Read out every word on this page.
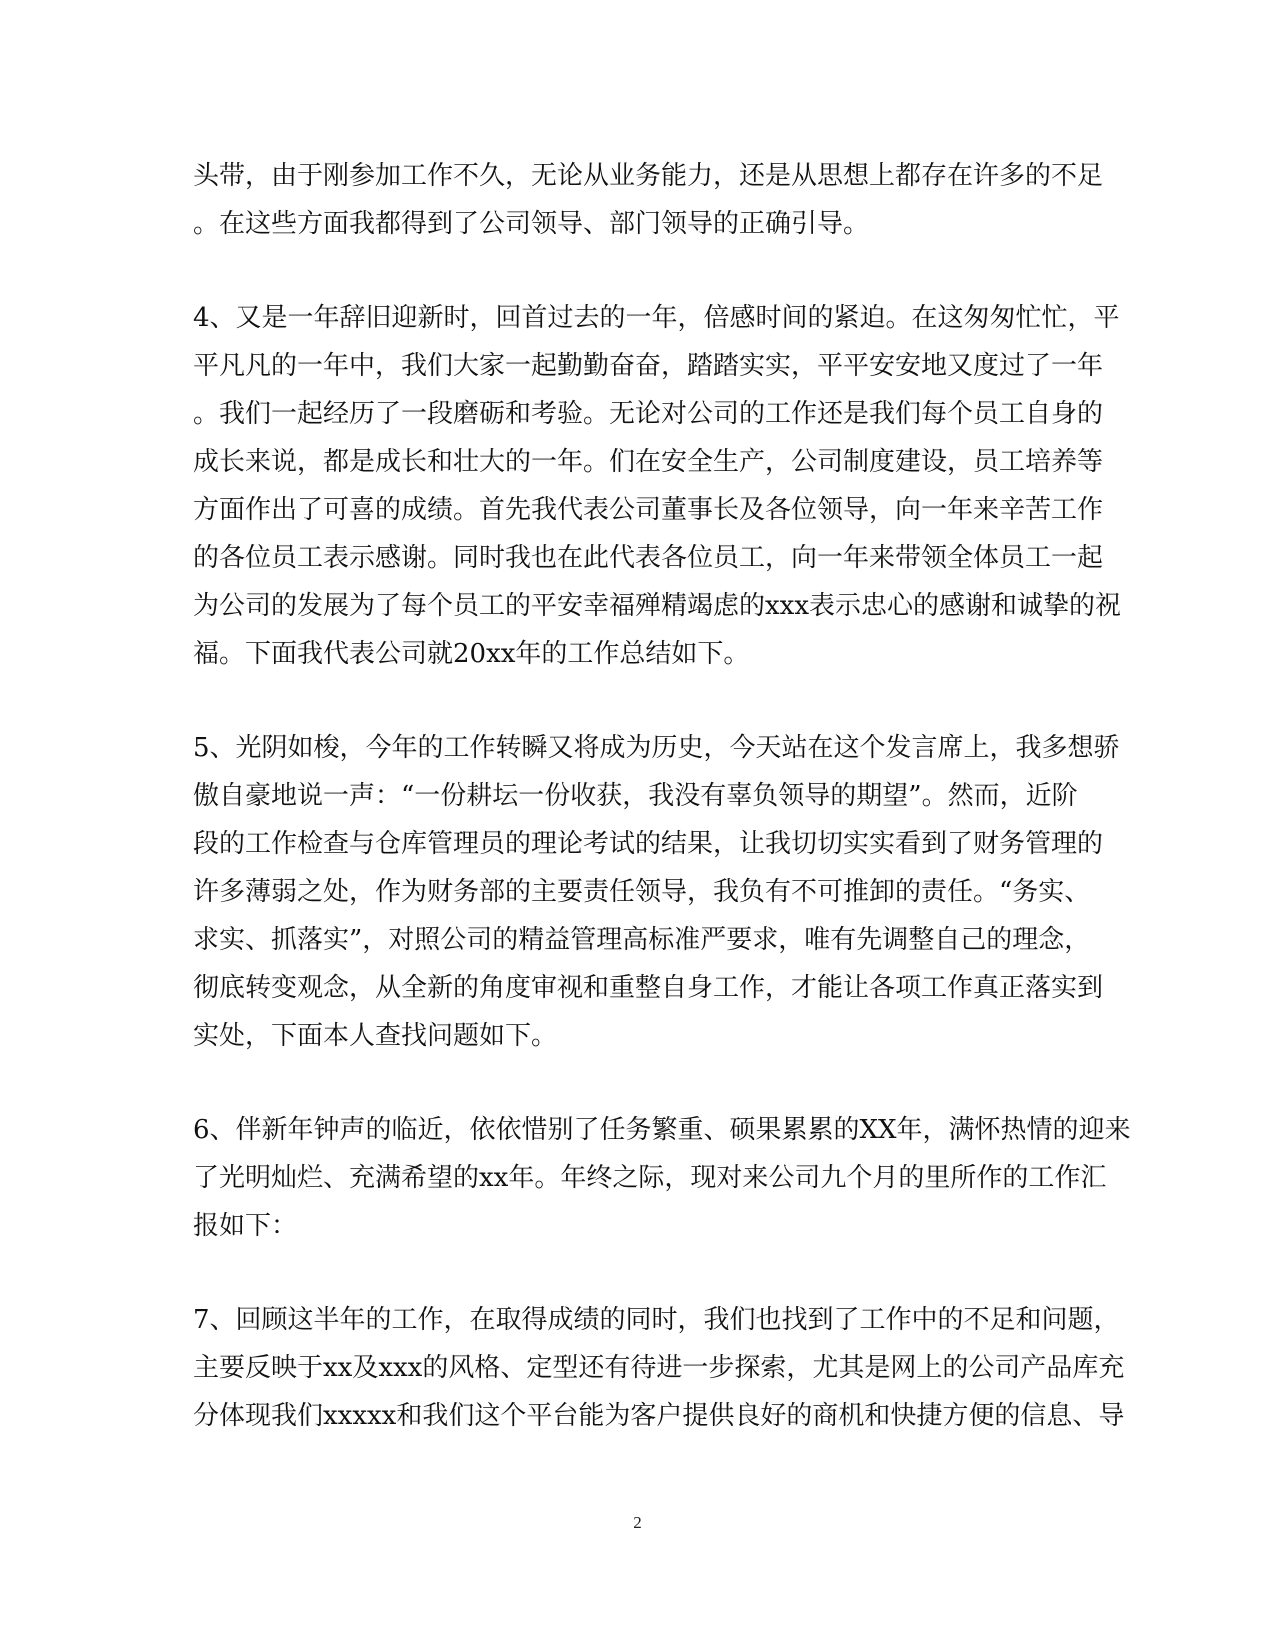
头带，由于刚参加工作不久，无论从业务能力，还是从思想上都存在许多的不足
。在这些方面我都得到了公司领导、部门领导的正确引导。

4、又是一年辞旧迎新时，回首过去的一年，倍感时间的紧迫。在这匆匆忙忙，平
平凡凡的一年中，我们大家一起勤勤奋奋，踏踏实实，平平安安地又度过了一年
。我们一起经历了一段磨砺和考验。无论对公司的工作还是我们每个员工自身的
成长来说，都是成长和壮大的一年。们在安全生产，公司制度建设，员工培养等
方面作出了可喜的成绩。首先我代表公司董事长及各位领导，向一年来辛苦工作
的各位员工表示感谢。同时我也在此代表各位员工，向一年来带领全体员工一起
为公司的发展为了每个员工的平安幸福殚精竭虑的xxx表示忠心的感谢和诚挚的祝
福。下面我代表公司就20xx年的工作总结如下。

5、光阴如梭，今年的工作转瞬又将成为历史，今天站在这个发言席上，我多想骄
傲自豪地说一声：“一份耕坛一份收获，我没有辜负领导的期望”。然而，近阶
段的工作检查与仓库管理员的理论考试的结果，让我切切实实看到了财务管理的
许多薄弱之处，作为财务部的主要责任领导，我负有不可推卸的责任。“务实、
求实、抓落实”，对照公司的精益管理高标准严要求，唯有先调整自己的理念，
彻底转变观念，从全新的角度审视和重整自身工作，才能让各项工作真正落实到
实处，下面本人查找问题如下。

6、伴新年钟声的临近，依依惜别了任务繁重、硕果累累的XX年，满怀热情的迎来
了光明灿烂、充满希望的xx年。年终之际，现对来公司九个月的里所作的工作汇
报如下：

7、回顾这半年的工作，在取得成绩的同时，我们也找到了工作中的不足和问题，
主要反映于xx及xxx的风格、定型还有待进一步探索，尤其是网上的公司产品库充
分体现我们xxxxx和我们这个平台能为客户提供良好的商机和快捷方便的信息、导

2
